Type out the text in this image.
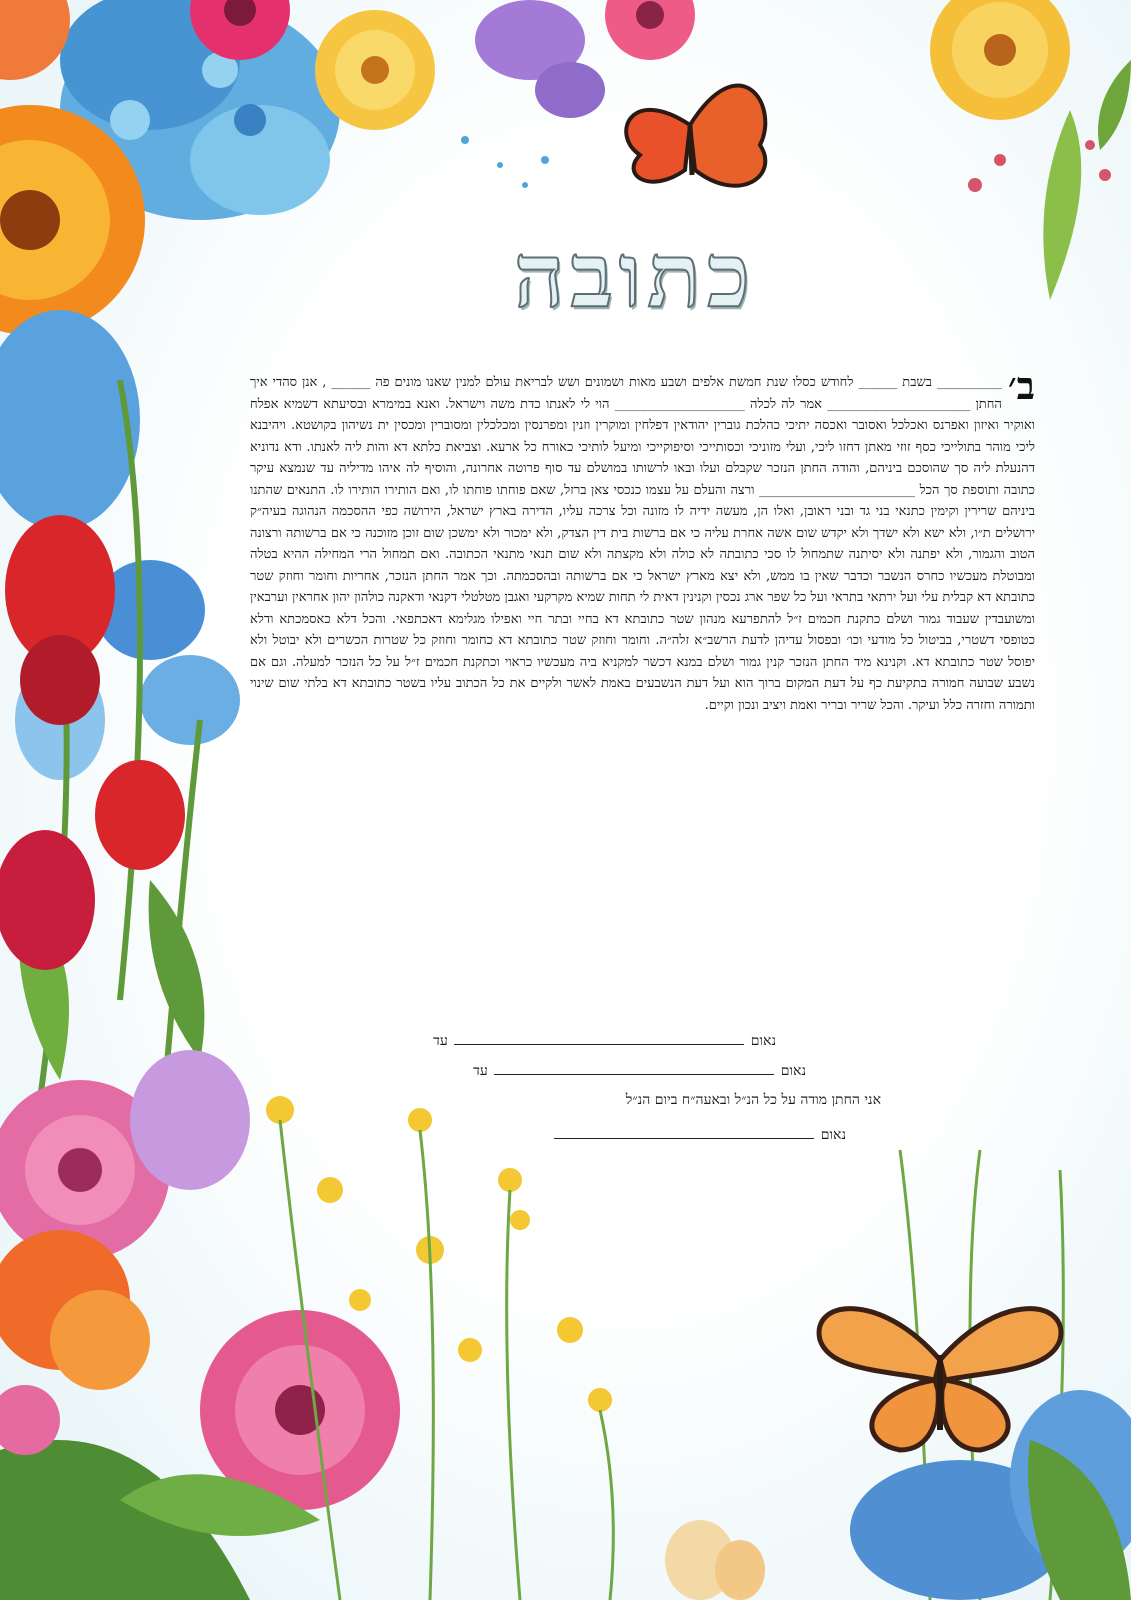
כתובה

ב׳
__________ בשבת ______ לחודש כסלו שנת חמשת אלפים ושבע מאות ושמונים ושש לבריאת עולם למנין שאנו מונים פה ______ , אנן סהדי איך החתן ______________________ אמר לה לכלה ____________________ הוי לי לאנתו כדת משה וישראל. ואנא במימרא ובסיעתא דשמיא אפלח ואוקיר ואיזון ואפרנס ואכלכל ואסובר ואכסה יתיכי כהלכת גוברין יהודאין דפלחין ומוקרין וזנין ומפרנסין ומכלכלין ומסוברין ומכסין ית נשיהון בקושטא. ויהיבנא ליכי מוהר בתולייכי כסף זוזי מאתן דחזו ליכי, ועלי מזוניכי וכסותייכי וסיפוקייכי ומיעל לותיכי כאורח כל ארעא. וצביאת כלתא דא והות ליה לאנתו. ודא נדוניא דהנעלת ליה סך שהוסכם ביניהם, והודה החתן הנזכר שקבלם ועלו ובאו לרשותו במושלם עד סוף פרוטה אחרונה, והוסיף לה איהו מדיליה עד שנמצא עיקר כתובה ותוספת סך הכל ________________________ ורצה והעלם על עצמו כנכסי צאן ברזל, שאם פוחתו פוחתו לו, ואם הותירו הותירו לו. התנאים שהתנו ביניהם שרירין וקימין כתנאי בני גד ובני ראובן, ואלו הן, מעשה ידיה לו מזונה וכל צרכה עליו, הדירה בארץ ישראל, הירושה כפי ההסכמה הנהוגה בעיה״ק ירושלים ת״ו, ולא ישא ולא ישדך ולא יקדש שום אשה אחרת עליה כי אם ברשות בית דין הצדק, ולא ימכור ולא ימשכן שום זוכן מזוכנה כי אם ברשותה ורצונה הטוב והגמור, ולא יפתנה ולא יסיתנה שתמחול לו סכי כתובתה לא כולה ולא מקצתה ולא שום תנאי מתנאי הכתובה. ואם תמחול הרי המחילה ההיא בטלה ומבוטלת מעכשיו כחרס הנשבר וכדבר שאין בו ממש, ולא יצא מארץ ישראל כי אם ברשותה ובהסכמתה. וכך אמר החתן הנזכר, אחריות וחומר וחוזק שטר כתובתא דא קבלית עלי ועל ירתאי בתראי ועל כל שפר ארג נכסין וקנינין דאית לי תחות שמיא מקרקעי ואגבן מטלטלי דקנאי ודאקנה כולהון יהון אחראין וערבאין ומשועבדין שעבוד גמור ושלם כתקנת חכמים ז״ל להתפרעא מנהון שטר כתובתא דא בחיי ובתר חיי ואפילו מגלימא דאכתפאי. והכל דלא כאסמכתא ודלא כטופסי דשטרי, בביטול כל מודעי וכו׳ ובפסול עדיהן לדעת הרשב״א זלה״ה. וחומר וחוזק שטר כתובתא דא כחומר וחוזק כל שטרות הכשרים ולא יבוטל ולא יפוסל שטר כתובתא דא. וקנינא מיד החתן הנזכר קנין גמור ושלם במנא דכשר למקניא ביה מעכשיו כראוי וכתקנת חכמים ז״ל על כל הנזכר למעלה. וגם אם נשבע שבועה חמורה בתקיעת כף על דעת המקום ברוך הוא ועל דעת הנשבעים באמת לאשר ולקיים את כל הכתוב עליו בשטר כתובתא דא בלתי שום שינוי ותמורה וחזרה כלל ועיקר. והכל שריר ובריר ואמת ויציב ונכון וקיים.

נאום  עד
נאום  עד
אני החתן מודה על כל הנ״ל ובאעה״ח ביום הנ״ל
נאום
